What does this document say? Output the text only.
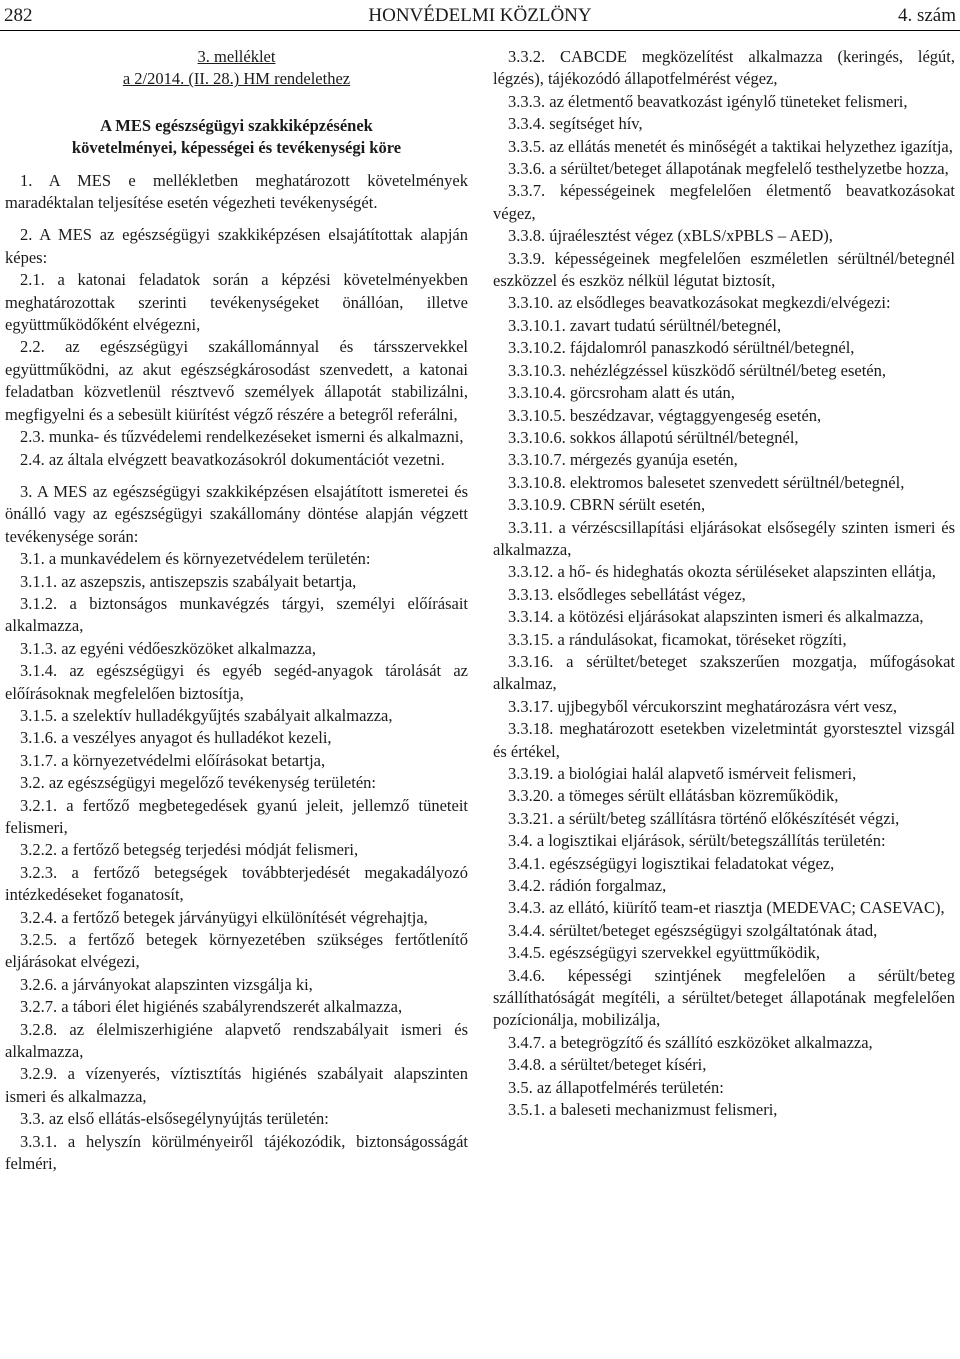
282	HONVÉDELMI KÖZLÖNY	4. szám

3. melléklet

a 2/2014. (II. 28.) HM rendelethez

A MES egészségügyi szakkiképzésének

követelményei, képességei és tevékenységi köre

1. A MES e mellékletben meghatározott követelmények maradéktalan teljesítése esetén végezheti tevékenységét.

2. A MES az egészségügyi szakkiképzésen elsajátítottak alapján képes:

2.1. a katonai feladatok során a képzési követelményekben meghatározottak szerinti tevékenységeket önállóan, illetve együttműködőként elvégezni,

2.2. az egészségügyi szakállománnyal és társszervekkel együttműködni, az akut egészségkárosodást szenvedett, a katonai feladatban közvetlenül résztvevő személyek állapotát stabilizálni, megfigyelni és a sebesült kiürítést végző részére a betegről referálni,

2.3. munka- és tűzvédelemi rendelkezéseket ismerni és alkalmazni,

2.4. az általa elvégzett beavatkozásokról dokumentációt vezetni.

3. A MES az egészségügyi szakkiképzésen elsajátított ismeretei és önálló vagy az egészségügyi szakállomány döntése alapján végzett tevékenysége során:

3.1. a munkavédelem és környezetvédelem területén:

3.1.1. az aszepszis, antiszepszis szabályait betartja,

3.1.2. a biztonságos munkavégzés tárgyi, személyi előírásait alkalmazza,

3.1.3. az egyéni védőeszközöket alkalmazza,

3.1.4. az egészségügyi és egyéb segéd-anyagok tárolását az előírásoknak megfelelően biztosítja,

3.1.5. a szelektív hulladékgyűjtés szabályait alkalmazza,

3.1.6. a veszélyes anyagot és hulladékot kezeli,

3.1.7. a környezetvédelmi előírásokat betartja,

3.2. az egészségügyi megelőző tevékenység területén:

3.2.1. a fertőző megbetegedések gyanú jeleit, jellemző tüneteit felismeri,

3.2.2. a fertőző betegség terjedési módját felismeri,

3.2.3. a fertőző betegségek továbbterjedését megakadályozó intézkedéseket foganatosít,

3.2.4. a fertőző betegek járványügyi elkülönítését végrehajtja,

3.2.5. a fertőző betegek környezetében szükséges fertőtlenítő eljárásokat elvégezi,

3.2.6. a járványokat alapszinten vizsgálja ki,

3.2.7. a tábori élet higiénés szabályrendszerét alkalmazza,

3.2.8. az élelmiszerhigiéne alapvető rendszabályait ismeri és alkalmazza,

3.2.9. a vízenyerés, víztisztítás higiénés szabályait alapszinten ismeri és alkalmazza,

3.3. az első ellátás-elsősegélynyújtás területén:

3.3.1. a helyszín körülményeiről tájékozódik, biztonságosságát felméri,

3.3.2. CABCDE megközelítést alkalmazza (keringés, légút, légzés), tájékozódó állapotfelmérést végez,

3.3.3. az életmentő beavatkozást igénylő tüneteket felismeri,

3.3.4. segítséget hív,

3.3.5. az ellátás menetét és minőségét a taktikai helyzethez igazítja,

3.3.6. a sérültet/beteget állapotának megfelelő testhelyzetbe hozza,

3.3.7. képességeinek megfelelően életmentő beavatkozásokat végez,

3.3.8. újraélesztést végez (xBLS/xPBLS – AED),

3.3.9. képességeinek megfelelően eszméletlen sérültnél/betegnél eszközzel és eszköz nélkül légutat biztosít,

3.3.10. az elsődleges beavatkozásokat megkezdi/elvégezi:

3.3.10.1. zavart tudatú sérültnél/betegnél,

3.3.10.2. fájdalomról panaszkodó sérültnél/betegnél,

3.3.10.3. nehézlégzéssel küszködő sérültnél/beteg esetén,

3.3.10.4. görcsroham alatt és után,

3.3.10.5. beszédzavar, végtaggyengeség esetén,

3.3.10.6. sokkos állapotú sérültnél/betegnél,

3.3.10.7. mérgezés gyanúja esetén,

3.3.10.8. elektromos balesetet szenvedett sérültnél/betegnél,

3.3.10.9. CBRN sérült esetén,

3.3.11. a vérzéscsillapítási eljárásokat elsősegély szinten ismeri és alkalmazza,

3.3.12. a hő- és hideghatás okozta sérüléseket alapszinten ellátja,

3.3.13. elsődleges sebellátást végez,

3.3.14. a kötözési eljárásokat alapszinten ismeri és alkalmazza,

3.3.15. a rándulásokat, ficamokat, töréseket rögzíti,

3.3.16. a sérültet/beteget szakszerűen mozgatja, műfogásokat alkalmaz,

3.3.17. ujjbegyből vércukorszint meghatározásra vért vesz,

3.3.18. meghatározott esetekben vizeletmintát gyorstesztel vizsgál és értékel,

3.3.19. a biológiai halál alapvető ismérveit felismeri,

3.3.20. a tömeges sérült ellátásban közreműködik,

3.3.21. a sérült/beteg szállításra történő előkészítését végzi,

3.4. a logisztikai eljárások, sérült/betegszállítás területén:

3.4.1. egészségügyi logisztikai feladatokat végez,

3.4.2. rádión forgalmaz,

3.4.3. az ellátó, kiürítő team-et riasztja (MEDEVAC; CASEVAC),

3.4.4. sérültet/beteget egészségügyi szolgáltatónak átad,

3.4.5. egészségügyi szervekkel együttműködik,

3.4.6. képességi szintjének megfelelően a sérült/beteg szállíthatóságát megítéli, a sérültet/beteget állapotának megfelelően pozícionálja, mobilizálja,

3.4.7. a betegrögzítő és szállító eszközöket alkalmazza,

3.4.8. a sérültet/beteget kíséri,

3.5. az állapotfelmérés területén:

3.5.1. a baleseti mechanizmust felismeri,
